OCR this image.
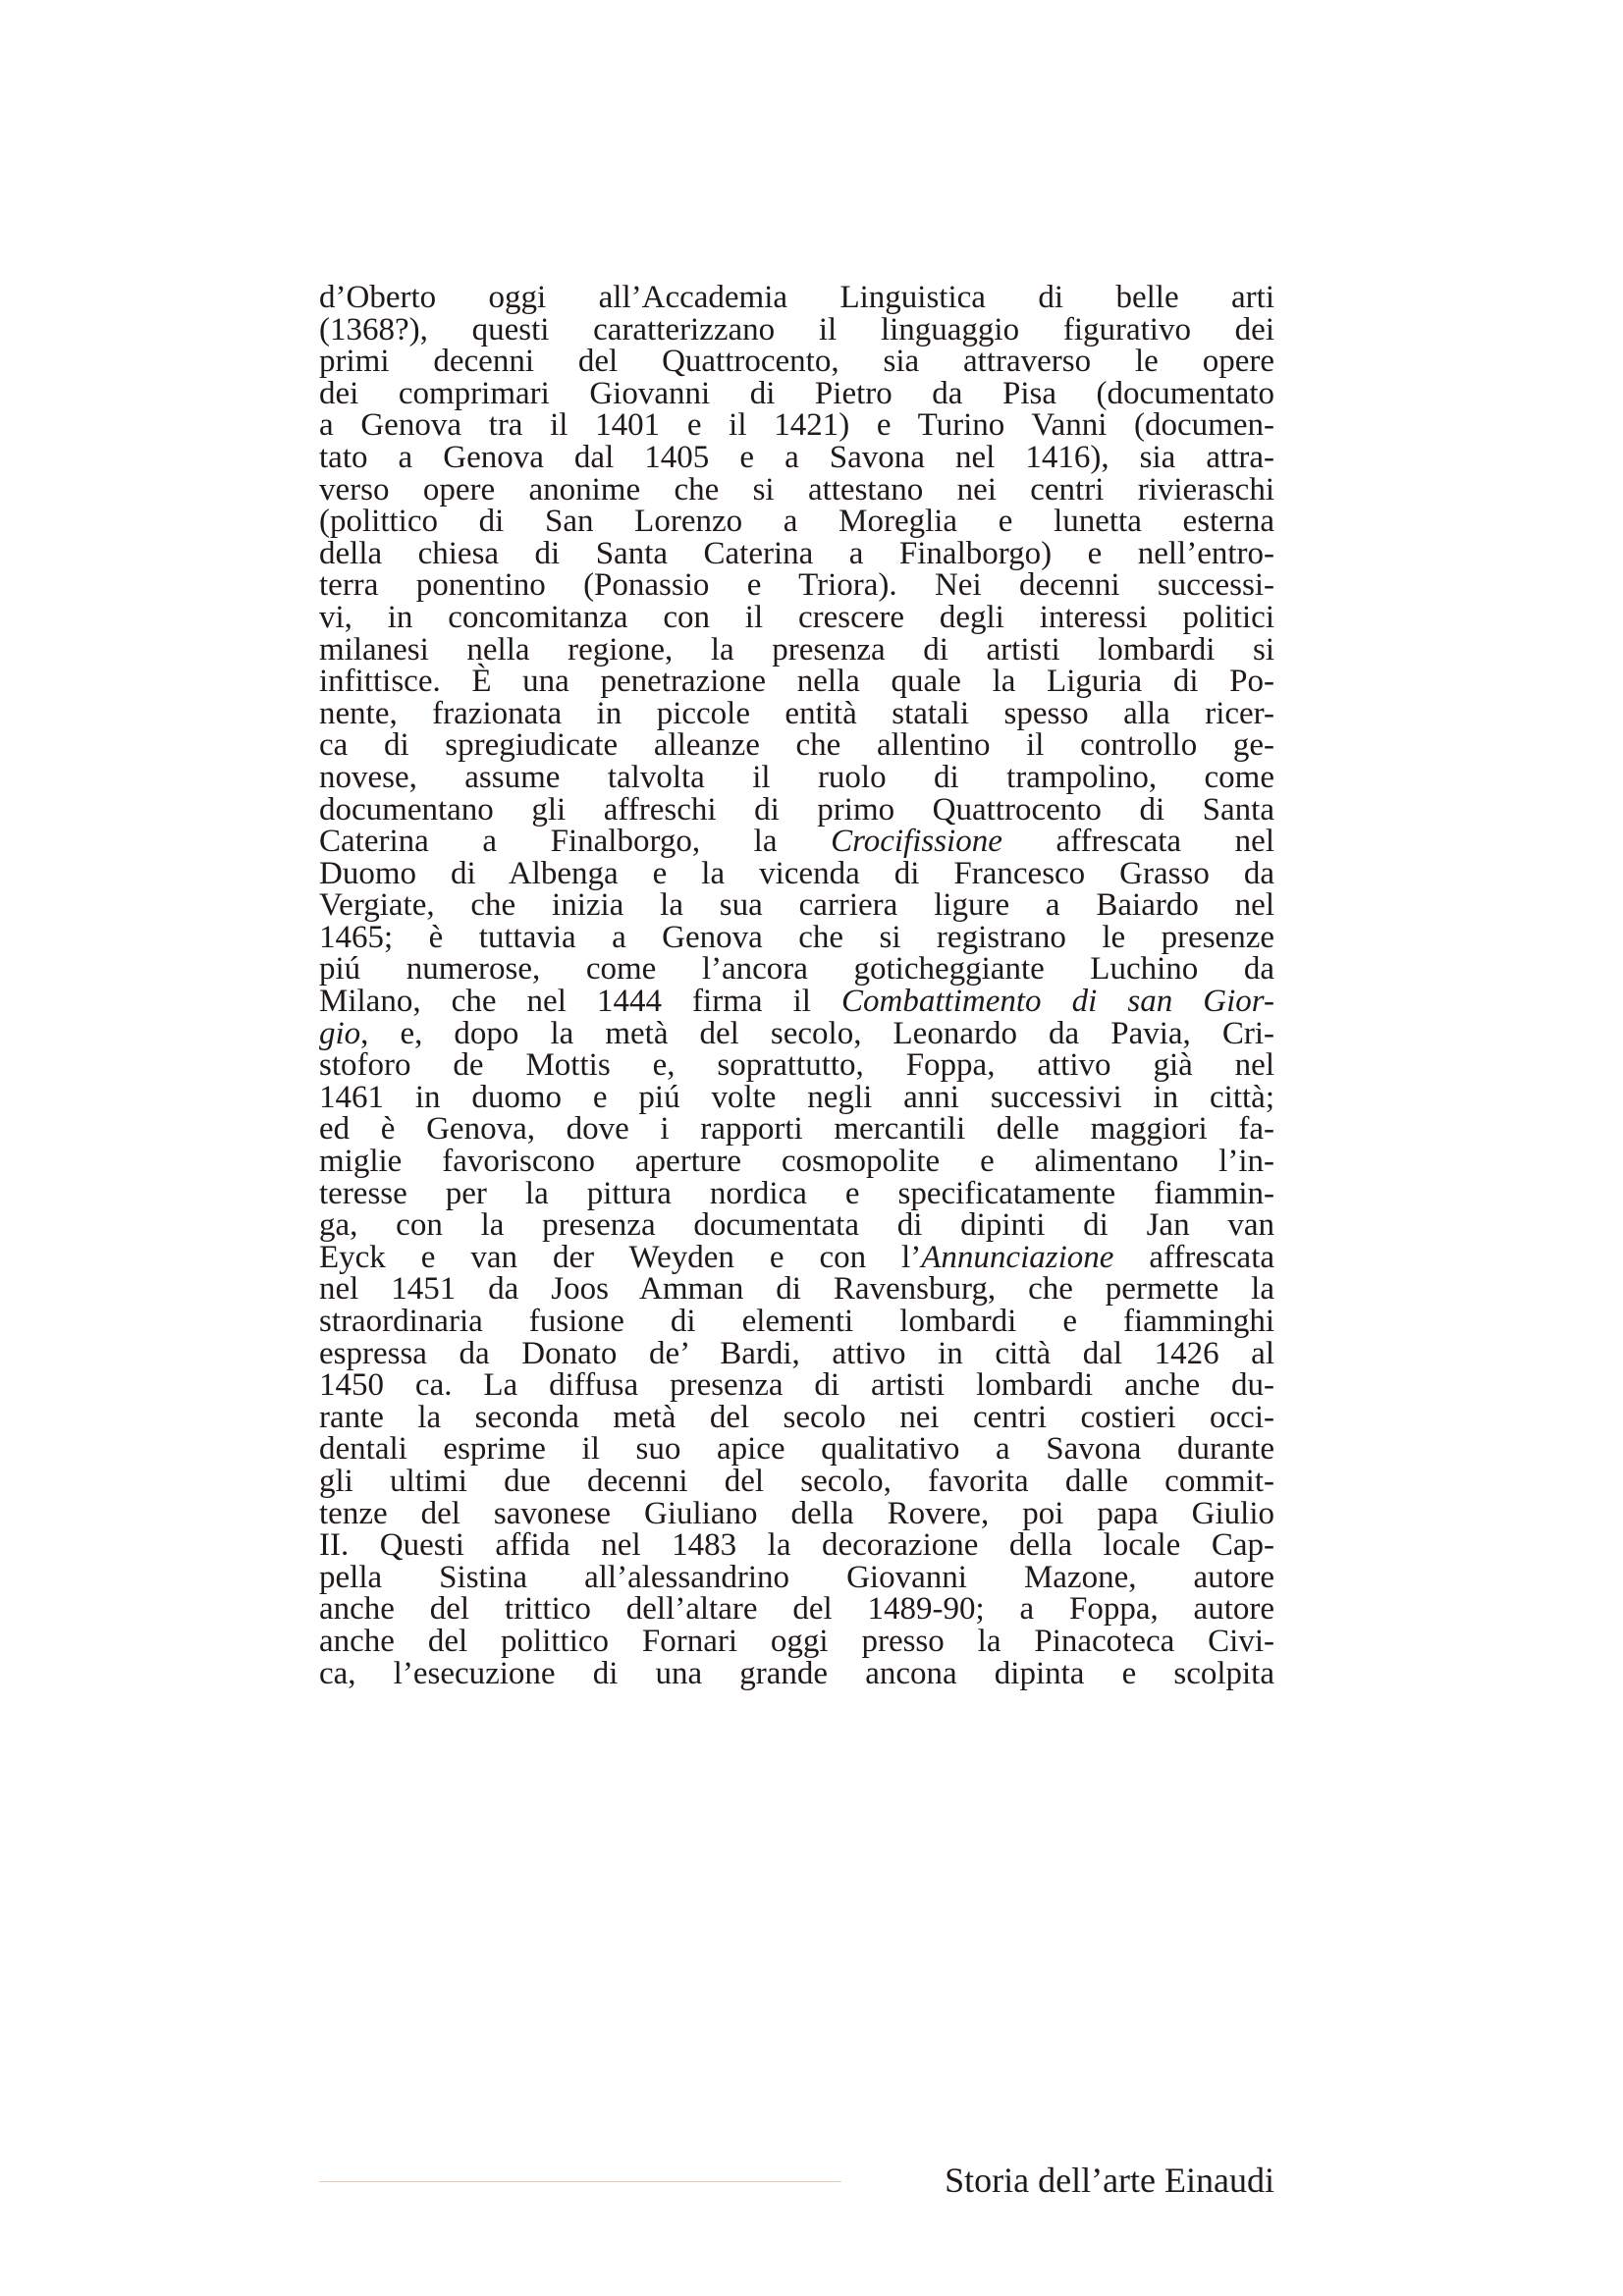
d’Oberto oggi all’Accademia Linguistica di belle arti
(1368?), questi caratterizzano il linguaggio figurativo dei
primi decenni del Quattrocento, sia attraverso le opere
dei comprimari Giovanni di Pietro da Pisa (documentato
a Genova tra il 1401 e il 1421) e Turino Vanni (documen-
tato a Genova dal 1405 e a Savona nel 1416), sia attra-
verso opere anonime che si attestano nei centri rivieraschi
(polittico di San Lorenzo a Moreglia e lunetta esterna
della chiesa di Santa Caterina a Finalborgo) e nell’entro-
terra ponentino (Ponassio e Triora). Nei decenni successi-
vi, in concomitanza con il crescere degli interessi politici
milanesi nella regione, la presenza di artisti lombardi si
infittisce. È una penetrazione nella quale la Liguria di Po-
nente, frazionata in piccole entità statali spesso alla ricer-
ca di spregiudicate alleanze che allentino il controllo ge-
novese, assume talvolta il ruolo di trampolino, come
documentano gli affreschi di primo Quattrocento di Santa
Caterina a Finalborgo, la Crocifissione affrescata nel
Duomo di Albenga e la vicenda di Francesco Grasso da
Vergiate, che inizia la sua carriera ligure a Baiardo nel
1465; è tuttavia a Genova che si registrano le presenze
piú numerose, come l’ancora goticheggiante Luchino da
Milano, che nel 1444 firma il Combattimento di san Gior-
gio, e, dopo la metà del secolo, Leonardo da Pavia, Cri-
stoforo de Mottis e, soprattutto, Foppa, attivo già nel
1461 in duomo e piú volte negli anni successivi in città;
ed è Genova, dove i rapporti mercantili delle maggiori fa-
miglie favoriscono aperture cosmopolite e alimentano l’in-
teresse per la pittura nordica e specificatamente fiammin-
ga, con la presenza documentata di dipinti di Jan van
Eyck e van der Weyden e con l’Annunciazione affrescata
nel 1451 da Joos Amman di Ravensburg, che permette la
straordinaria fusione di elementi lombardi e fiamminghi
espressa da Donato de’ Bardi, attivo in città dal 1426 al
1450 ca. La diffusa presenza di artisti lombardi anche du-
rante la seconda metà del secolo nei centri costieri occi-
dentali esprime il suo apice qualitativo a Savona durante
gli ultimi due decenni del secolo, favorita dalle commit-
tenze del savonese Giuliano della Rovere, poi papa Giulio
II. Questi affida nel 1483 la decorazione della locale Cap-
pella Sistina all’alessandrino Giovanni Mazone, autore
anche del trittico dell’altare del 1489-90; a Foppa, autore
anche del polittico Fornari oggi presso la Pinacoteca Civi-
ca, l’esecuzione di una grande ancona dipinta e scolpita
Storia dell’arte Einaudi
